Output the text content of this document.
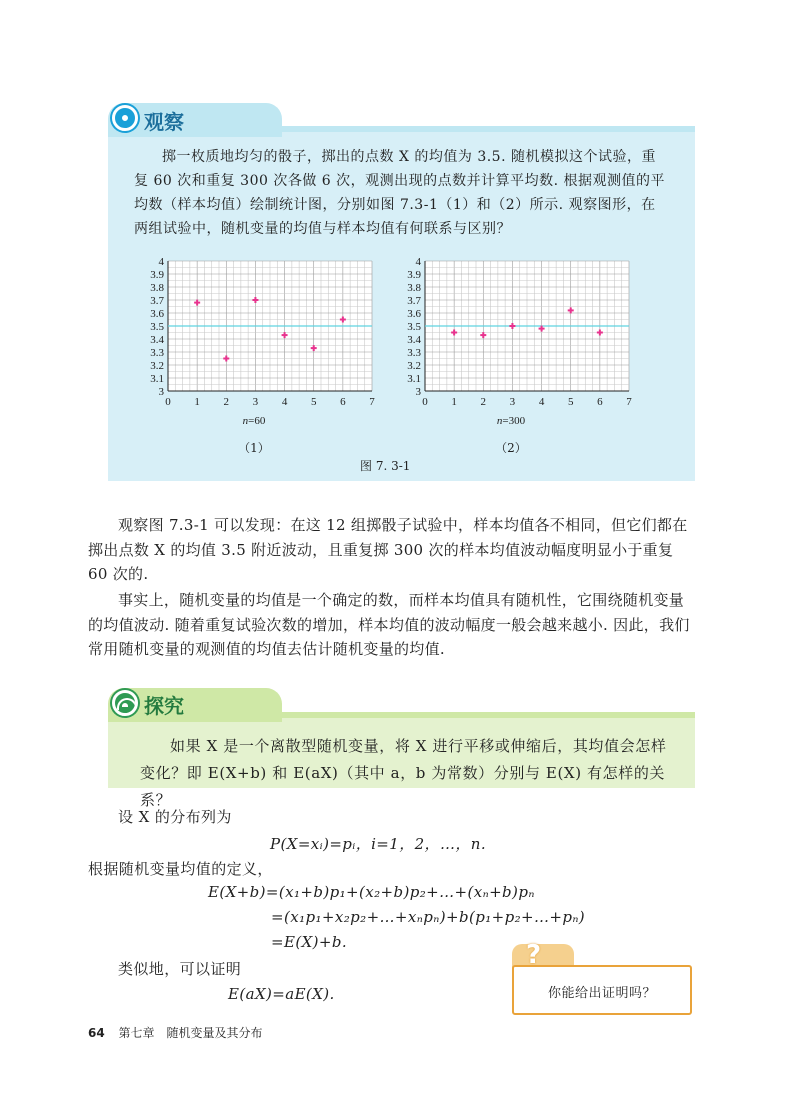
观察
掷一枚质地均匀的骰子，掷出的点数 X 的均值为 3.5. 随机模拟这个试验，重复 60 次和重复 300 次各做 6 次，观测出现的点数并计算平均数. 根据观测值的平均数（样本均值）绘制统计图，分别如图 7.3-1（1）和（2）所示. 观察图形，在两组试验中，随机变量的均值与样本均值有何联系与区别？
3
3.1
3.2
3.3
3.4
3.5
3.6
3.7
3.8
3.9
4
0 1 2 3 4 5 6 7
n=60
（1）
3
3.1
3.2
3.3
3.4
3.5
3.6
3.7
3.8
3.9
4
0 1 2 3 4 5 6 7
n=300
（2）
图 7. 3-1
观察图 7.3-1 可以发现：在这 12 组掷骰子试验中，样本均值各不相同，但它们都在掷出点数 X 的均值 3.5 附近波动，且重复掷 300 次的样本均值波动幅度明显小于重复 60 次的.
事实上，随机变量的均值是一个确定的数，而样本均值具有随机性，它围绕随机变量的均值波动. 随着重复试验次数的增加，样本均值的波动幅度一般会越来越小. 因此，我们常用随机变量的观测值的均值去估计随机变量的均值.
探究
如果 X 是一个离散型随机变量，将 X 进行平移或伸缩后，其均值会怎样变化？即 E(X+b) 和 E(aX)（其中 a，b 为常数）分别与 E(X) 有怎样的关系？
设 X 的分布列为
P(X=xᵢ)=pᵢ，i=1，2，…，n.
根据随机变量均值的定义，
E(X+b)=(x₁+b)p₁+(x₂+b)p₂+…+(xₙ+b)pₙ
=(x₁p₁+x₂p₂+…+xₙpₙ)+b(p₁+p₂+…+pₙ)
=E(X)+b.
类似地，可以证明
E(aX)=aE(X).
?
你能给出证明吗？
64 第七章　随机变量及其分布
